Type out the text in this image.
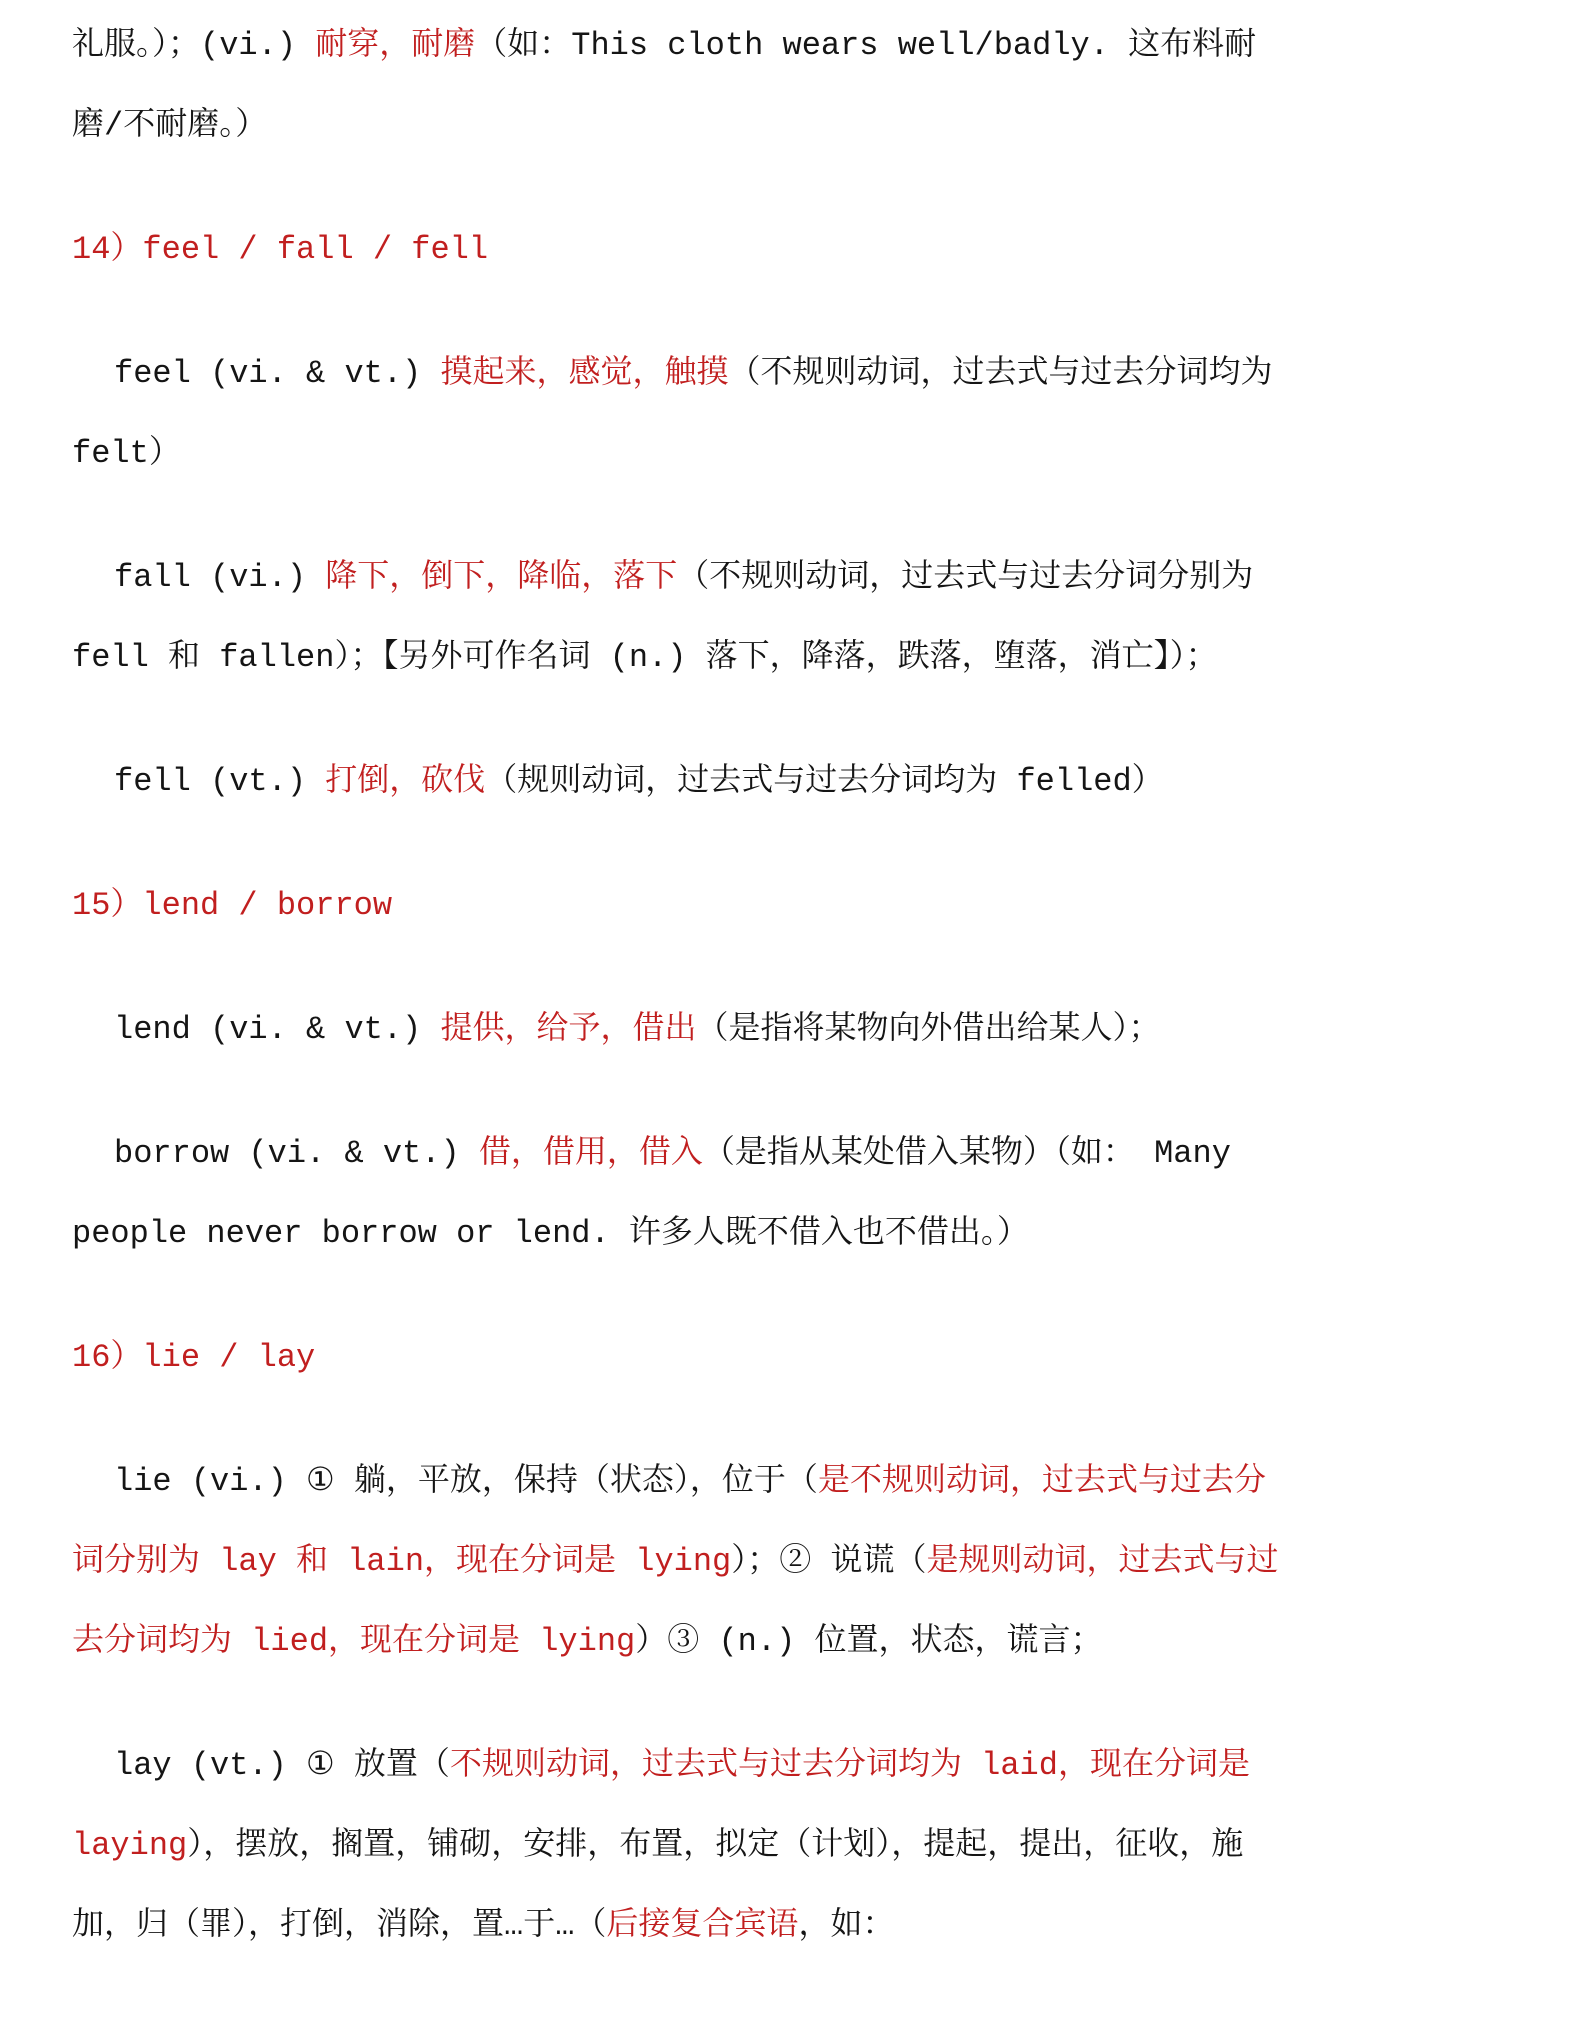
礼服。）；(vi.) 耐穿，耐磨（如：This cloth wears well/badly. 这布料耐磨/不耐磨。）

14）feel / fall / fell

feel (vi. & vt.) 摸起来，感觉，触摸（不规则动词，过去式与过去分词均为 felt）

fall (vi.) 降下，倒下，降临，落下（不规则动词，过去式与过去分词分别为 fell 和 fallen）；【另外可作名词 (n.) 落下，降落，跌落，堕落，消亡】）；

fell (vt.) 打倒，砍伐（规则动词，过去式与过去分词均为 felled）

15）lend / borrow

lend (vi. & vt.) 提供，给予，借出（是指将某物向外借出给某人）；

borrow (vi. & vt.) 借，借用，借入（是指从某处借入某物）（如： Many people never borrow or lend. 许多人既不借入也不借出。）

16）lie / lay

lie (vi.) ① 躺，平放，保持（状态），位于（是不规则动词，过去式与过去分词分别为 lay 和 lain，现在分词是 lying）；② 说谎（是规则动词，过去式与过去分词均为 lied，现在分词是 lying）③ (n.) 位置，状态，谎言；

lay (vt.) ① 放置（不规则动词，过去式与过去分词均为 laid，现在分词是 laying），摆放，搁置，铺砌，安排，布置，拟定（计划），提起，提出，征收，施加，归（罪），打倒，消除，置…于…（后接复合宾语，如：
